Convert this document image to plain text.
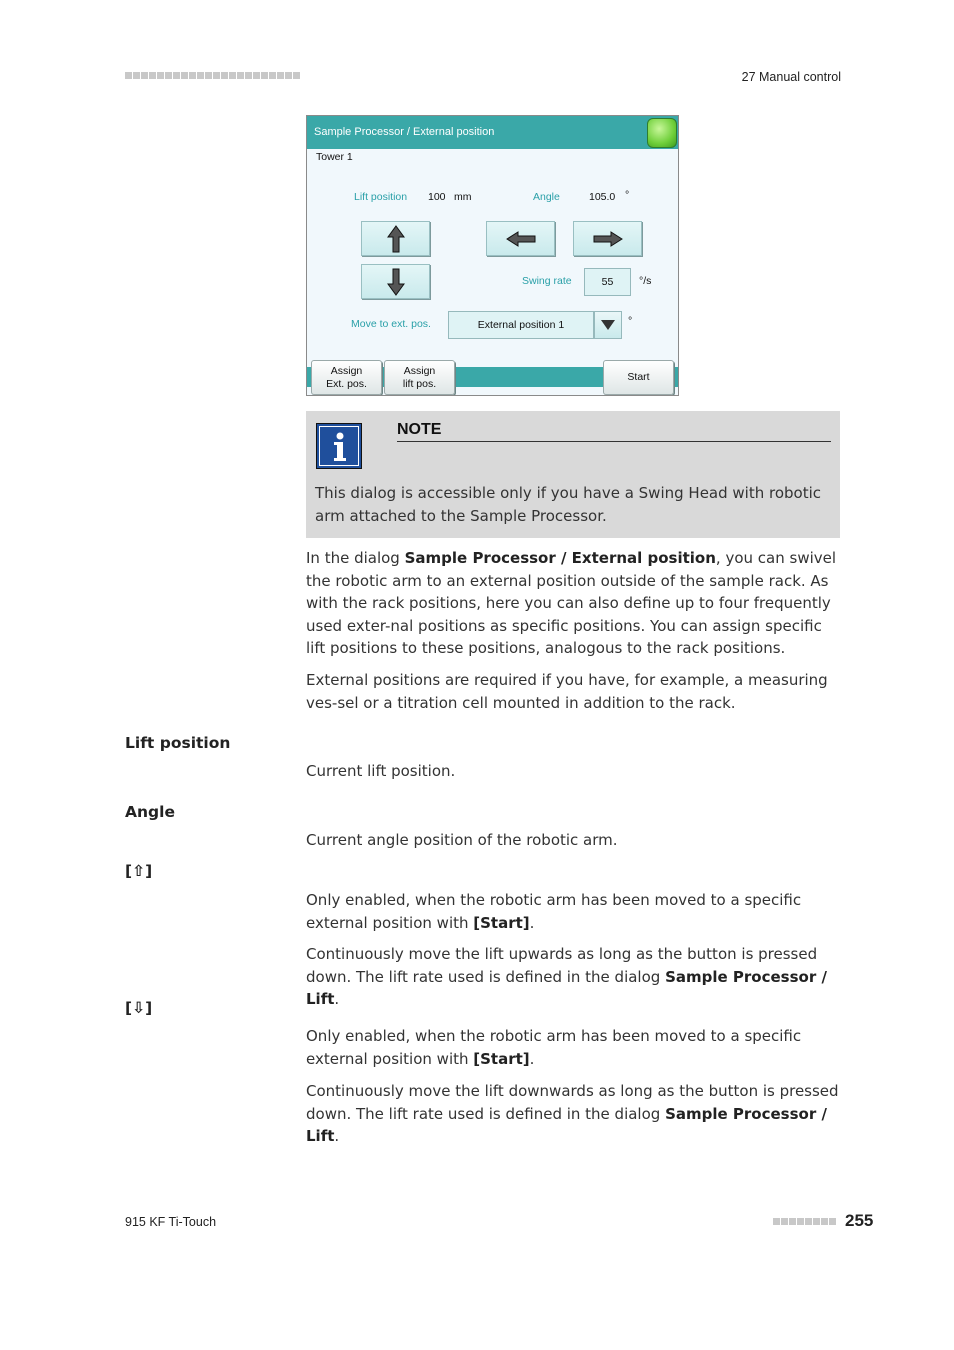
27 Manual control
Sample Processor / External position
Tower 1
Lift position 100 mm	Angle	105.0 °
Swing rate	55	°/s
Move to ext. pos.	External position 1	°
Assign
Ext. pos.
Assign
lift pos.
Start
NOTE
This dialog is accessible only if you have a Swing Head with robotic arm attached to the Sample Processor.

In the dialog Sample Processor / External position, you can swivel the robotic arm to an external position outside of the sample rack. As with the rack positions, here you can also define up to four frequently used exter-nal positions as specific positions. You can assign specific lift positions to these positions, analogous to the rack positions.

External positions are required if you have, for example, a measuring ves-sel or a titration cell mounted in addition to the rack.

Lift position

Current lift position.

Angle

Current angle position of the robotic arm.

[⇧]

Only enabled, when the robotic arm has been moved to a specific external position with [Start].

Continuously move the lift upwards as long as the button is pressed down. The lift rate used is defined in the dialog Sample Processor / Lift.

[⇩]

Only enabled, when the robotic arm has been moved to a specific external position with [Start].

Continuously move the lift downwards as long as the button is pressed down. The lift rate used is defined in the dialog Sample Processor / Lift.

915 KF Ti-Touch	255
